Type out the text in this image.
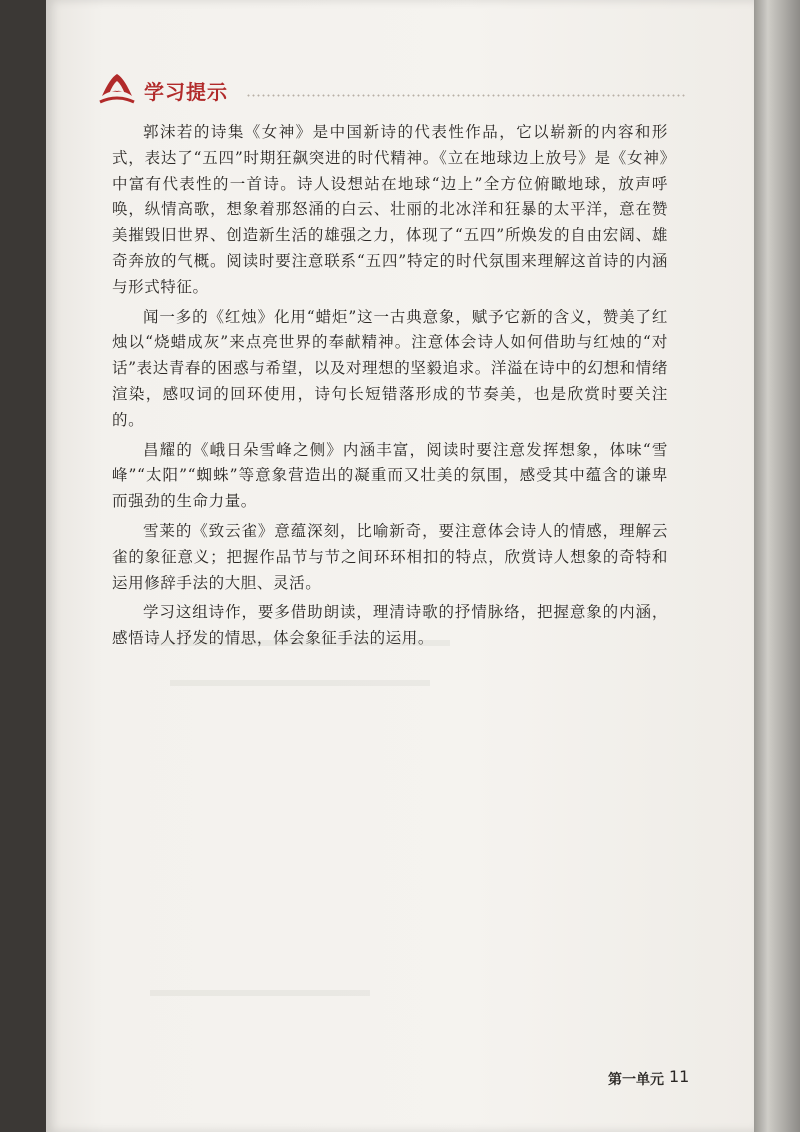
学习提示

郭沫若的诗集《女神》是中国新诗的代表性作品，它以崭新的内容和形式，表达了“五四”时期狂飙突进的时代精神。《立在地球边上放号》是《女神》中富有代表性的一首诗。诗人设想站在地球“边上”全方位俯瞰地球，放声呼唤，纵情高歌，想象着那怒涌的白云、壮丽的北冰洋和狂暴的太平洋，意在赞美摧毁旧世界、创造新生活的雄强之力，体现了“五四”所焕发的自由宏阔、雄奇奔放的气概。阅读时要注意联系“五四”特定的时代氛围来理解这首诗的内涵与形式特征。

闻一多的《红烛》化用“蜡炬”这一古典意象，赋予它新的含义，赞美了红烛以“烧蜡成灰”来点亮世界的奉献精神。注意体会诗人如何借助与红烛的“对话”表达青春的困惑与希望，以及对理想的坚毅追求。洋溢在诗中的幻想和情绪渲染，感叹词的回环使用，诗句长短错落形成的节奏美，也是欣赏时要关注的。

昌耀的《峨日朵雪峰之侧》内涵丰富，阅读时要注意发挥想象，体味“雪峰”“太阳”“蜘蛛”等意象营造出的凝重而又壮美的氛围，感受其中蕴含的谦卑而强劲的生命力量。

雪莱的《致云雀》意蕴深刻，比喻新奇，要注意体会诗人的情感，理解云雀的象征意义；把握作品节与节之间环环相扣的特点，欣赏诗人想象的奇特和运用修辞手法的大胆、灵活。

学习这组诗作，要多借助朗读，理清诗歌的抒情脉络，把握意象的内涵，感悟诗人抒发的情思，体会象征手法的运用。

第一单元 11
